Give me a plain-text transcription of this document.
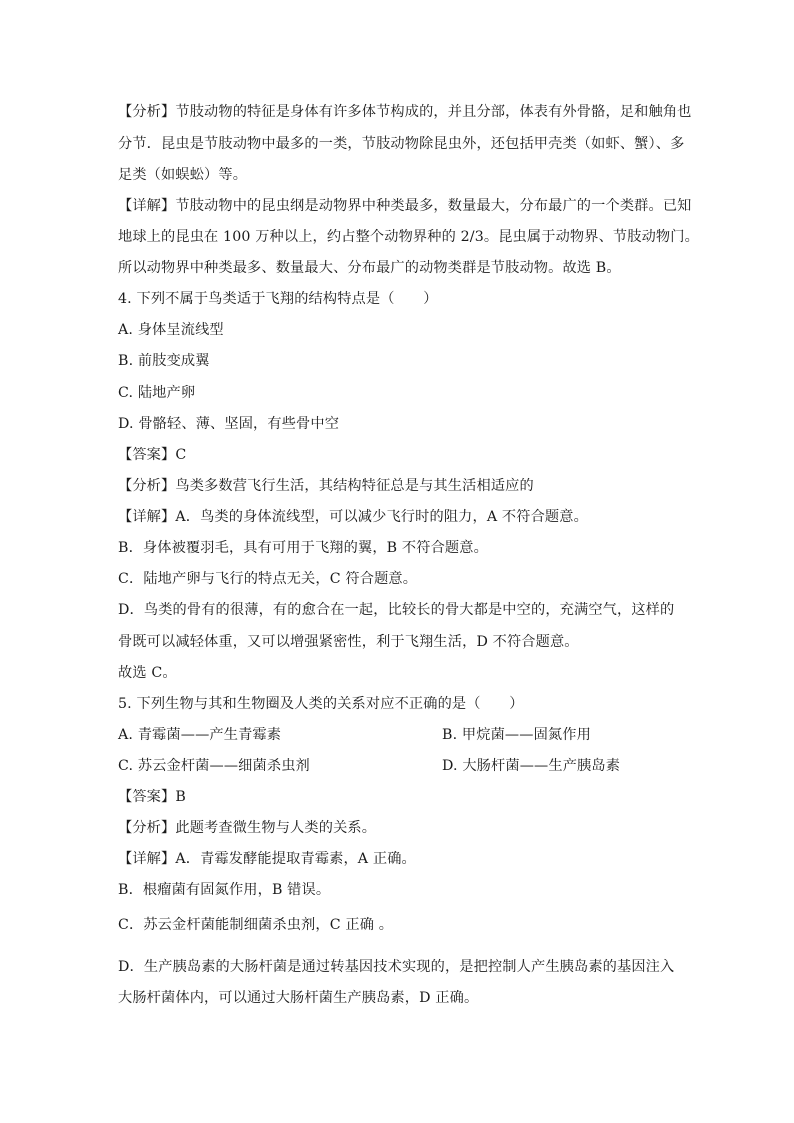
【分析】节肢动物的特征是身体有许多体节构成的，并且分部，体表有外骨骼，足和触角也
分节．昆虫是节肢动物中最多的一类，节肢动物除昆虫外，还包括甲壳类（如虾、蟹）、多
足类（如蜈蚣）等。
【详解】节肢动物中的昆虫纲是动物界中种类最多，数量最大，分布最广的一个类群。已知
地球上的昆虫在 100 万种以上，约占整个动物界种的 2/3。昆虫属于动物界、节肢动物门。
所以动物界中种类最多、数量最大、分布最广的动物类群是节肢动物。故选 B。
4. 下列不属于鸟类适于飞翔的结构特点是（　　）
A. 身体呈流线型
B. 前肢变成翼
C. 陆地产卵
D. 骨骼轻、薄、坚固，有些骨中空
【答案】C
【分析】鸟类多数营飞行生活，其结构特征总是与其生活相适应的
【详解】A．鸟类的身体流线型，可以减少飞行时的阻力，A 不符合题意。
B．身体被覆羽毛，具有可用于飞翔的翼，B 不符合题意。
C．陆地产卵与飞行的特点无关，C 符合题意。
D．鸟类的骨有的很薄，有的愈合在一起，比较长的骨大都是中空的，充满空气，这样的
骨既可以减轻体重，又可以增强紧密性，利于飞翔生活，D 不符合题意。
故选 C。
5. 下列生物与其和生物圈及人类的关系对应不正确的是（　　）
A. 青霉菌——产生青霉素	B. 甲烷菌——固氮作用
C. 苏云金杆菌——细菌杀虫剂	D. 大肠杆菌——生产胰岛素
【答案】B
【分析】此题考查微生物与人类的关系。
【详解】A．青霉发酵能提取青霉素，A 正确。
B．根瘤菌有固氮作用，B 错误。
C．苏云金杆菌能制细菌杀虫剂，C 正确 。
D．生产胰岛素的大肠杆菌是通过转基因技术实现的，是把控制人产生胰岛素的基因注入
大肠杆菌体内，可以通过大肠杆菌生产胰岛素，D 正确。
